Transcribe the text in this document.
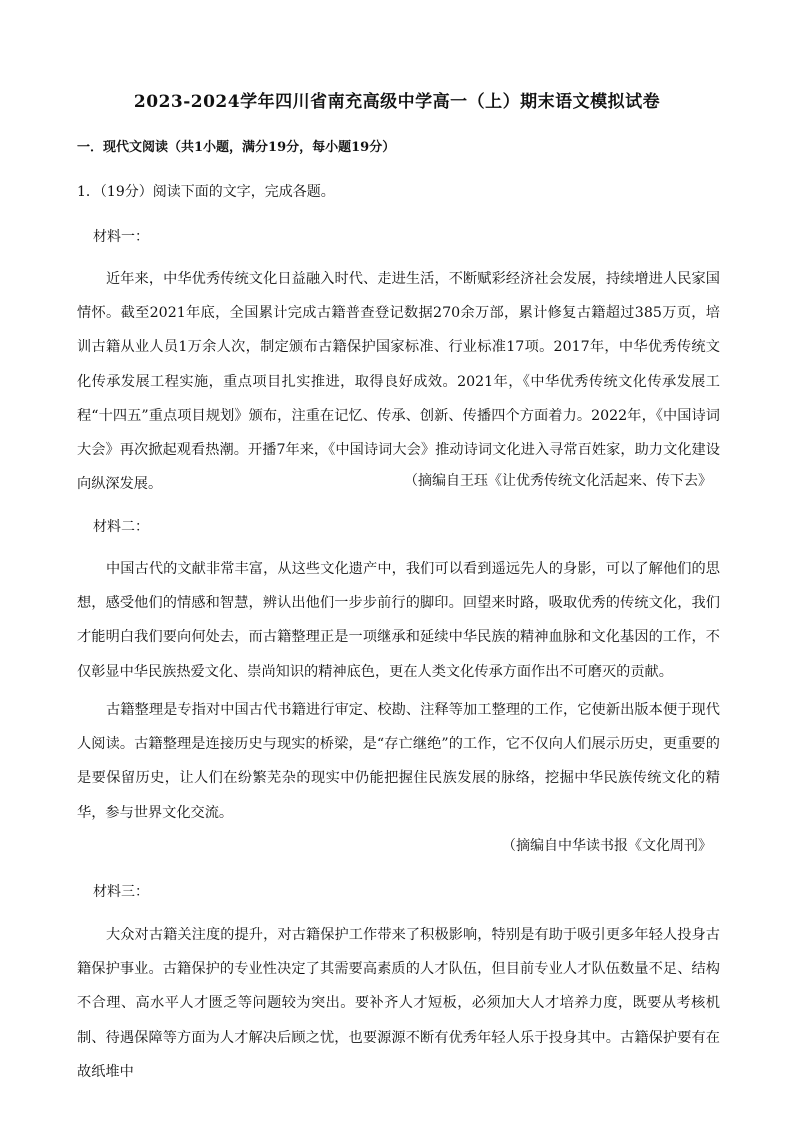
2023-2024学年四川省南充高级中学高一（上）期末语文模拟试卷
一．现代文阅读（共1小题，满分19分，每小题19分）
1．（19分）阅读下面的文字，完成各题。
材料一：

近年来，中华优秀传统文化日益融入时代、走进生活，不断赋彩经济社会发展，持续增进人民家国情怀。截至2021年底，全国累计完成古籍普查登记数据270余万部，累计修复古籍超过385万页，培训古籍从业人员1万余人次，制定颁布古籍保护国家标准、行业标准17项。2017年，中华优秀传统文化传承发展工程实施，重点项目扎实推进，取得良好成效。2021年，《中华优秀传统文化传承发展工程“十四五”重点项目规划》颁布，注重在记忆、传承、创新、传播四个方面着力。2022年，《中国诗词大会》再次掀起观看热潮。开播7年来，《中国诗词大会》推动诗词文化进入寻常百姓家，助力文化建设向纵深发展。	（摘编自王珏《让优秀传统文化活起来、传下去》
材料二：

中国古代的文献非常丰富，从这些文化遗产中，我们可以看到遥远先人的身影，可以了解他们的思想，感受他们的情感和智慧，辨认出他们一步步前行的脚印。回望来时路，吸取优秀的传统文化，我们才能明白我们要向何处去，而古籍整理正是一项继承和延续中华民族的精神血脉和文化基因的工作，不仅彰显中华民族热爱文化、崇尚知识的精神底色，更在人类文化传承方面作出不可磨灭的贡献。

古籍整理是专指对中国古代书籍进行审定、校勘、注释等加工整理的工作，它使新出版本便于现代人阅读。古籍整理是连接历史与现实的桥梁，是“存亡继绝”的工作，它不仅向人们展示历史，更重要的是要保留历史，让人们在纷繁芜杂的现实中仍能把握住民族发展的脉络，挖掘中华民族传统文化的精华，参与世界文化交流。

（摘编自中华读书报《文化周刊》
材料三：

大众对古籍关注度的提升，对古籍保护工作带来了积极影响，特别是有助于吸引更多年轻人投身古籍保护事业。古籍保护的专业性决定了其需要高素质的人才队伍，但目前专业人才队伍数量不足、结构不合理、高水平人才匮乏等问题较为突出。要补齐人才短板，必须加大人才培养力度，既要从考核机制、待遇保障等方面为人才解决后顾之忧，也要源源不断有优秀年轻人乐于投身其中。古籍保护要有在故纸堆中
